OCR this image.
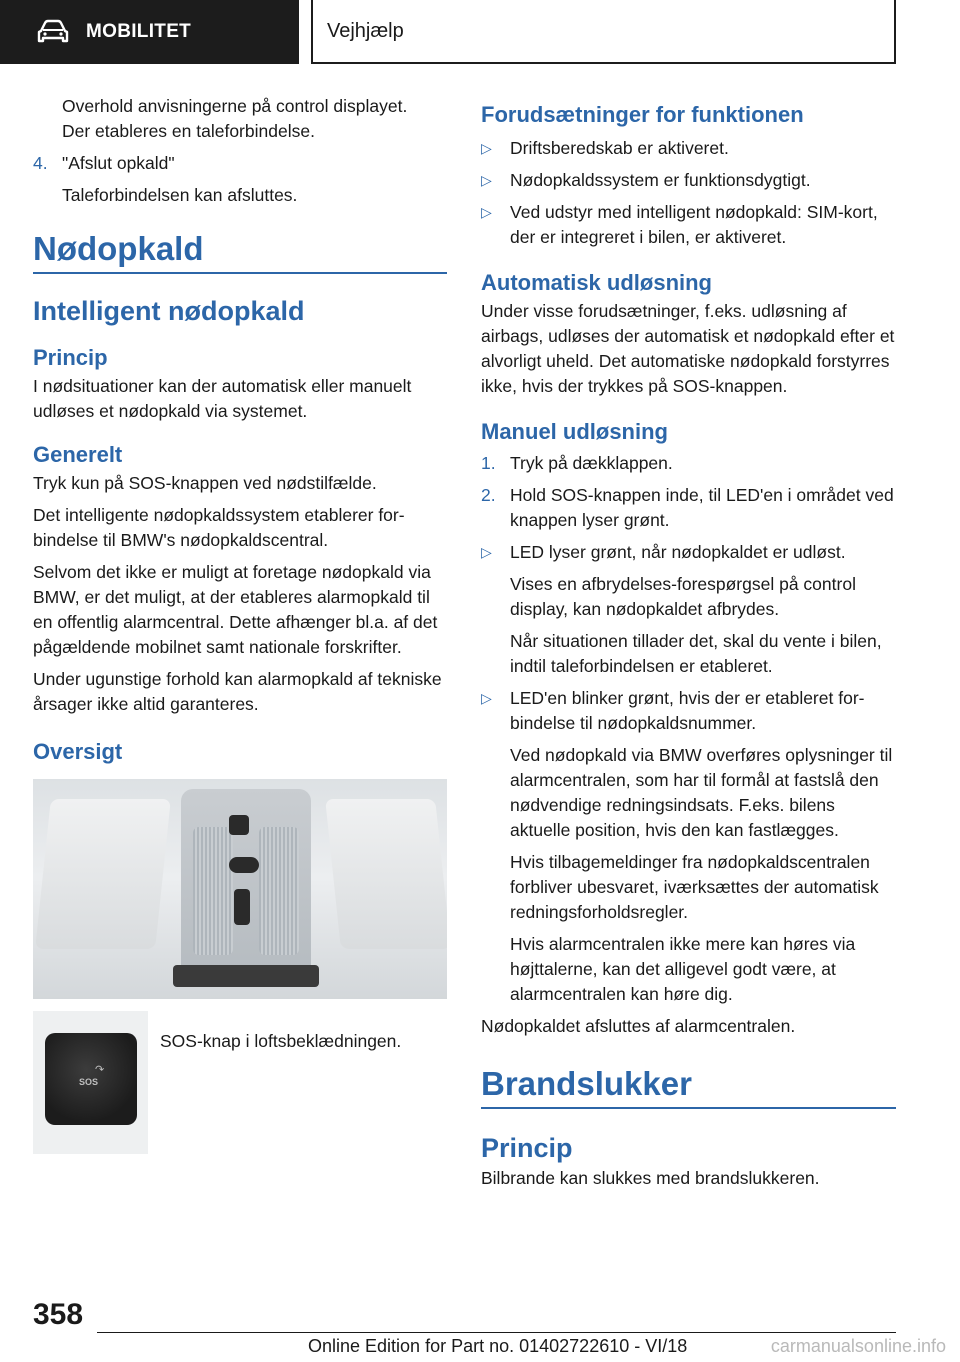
MOBILITET	Vejhjælp

Overhold anvisningerne på control displayet.
Der etableres en taleforbindelse.

4. "Afslut opkald"

Taleforbindelsen kan afsluttes.

Nødopkald
Intelligent nødopkald
Princip

I nødsituationer kan der automatisk eller manuelt udløses et nødopkald via systemet.

Generelt

Tryk kun på SOS-knappen ved nødstilfælde.

Det intelligente nødopkaldssystem etablerer forbindelse til BMW's nødopkaldscentral.

Selvom det ikke er muligt at foretage nødopkald via BMW, er det muligt, at der etableres alarmopkald til en offentlig alarmcentral. Dette afhænger bl.a. af det pågældende mobilnet samt nationale forskrifter.

Under ugunstige forhold kan alarmopkald af tekniske årsager ikke altid garanteres.

Oversigt
↷
SOS
SOS-knap i loftsbeklædningen.
Forudsætninger for funktionen
▷ Driftsberedskab er aktiveret.
▷ Nødopkaldssystem er funktionsdygtigt.
▷ Ved udstyr med intelligent nødopkald: SIM-kort, der er integreret i bilen, er aktiveret.
Automatisk udløsning

Under visse forudsætninger, f.eks. udløsning af airbags, udløses der automatisk et nødopkald efter et alvorligt uheld. Det automatiske nødopkald forstyrres ikke, hvis der trykkes på SOS-knappen.

Manuel udløsning
1. Tryk på dækklappen.
2. Hold SOS-knappen inde, til LED'en i området ved knappen lyser grønt.
▷ LED lyser grønt, når nødopkaldet er udløst.

Vises en afbrydelses-forespørgsel på control display, kan nødopkaldet afbrydes.

Når situationen tillader det, skal du vente i bilen, indtil taleforbindelsen er etableret.

▷ LED'en blinker grønt, hvis der er etableret forbindelse til nødopkaldsnummer.

Ved nødopkald via BMW overføres oplysninger til alarmcentralen, som har til formål at fastslå den nødvendige redningsindsats. F.eks. bilens aktuelle position, hvis den kan fastlægges.

Hvis tilbagemeldinger fra nødopkaldscentralen forbliver ubesvaret, iværksættes der automatisk redningsforholdsregler.

Hvis alarmcentralen ikke mere kan høres via højttalerne, kan det alligevel godt være, at alarmcentralen kan høre dig.

Nødopkaldet afsluttes af alarmcentralen.

Brandslukker
Princip

Bilbrande kan slukkes med brandslukkeren.

358
Online Edition for Part no. 01402722610 - VI/18	carmanualsonline.info
